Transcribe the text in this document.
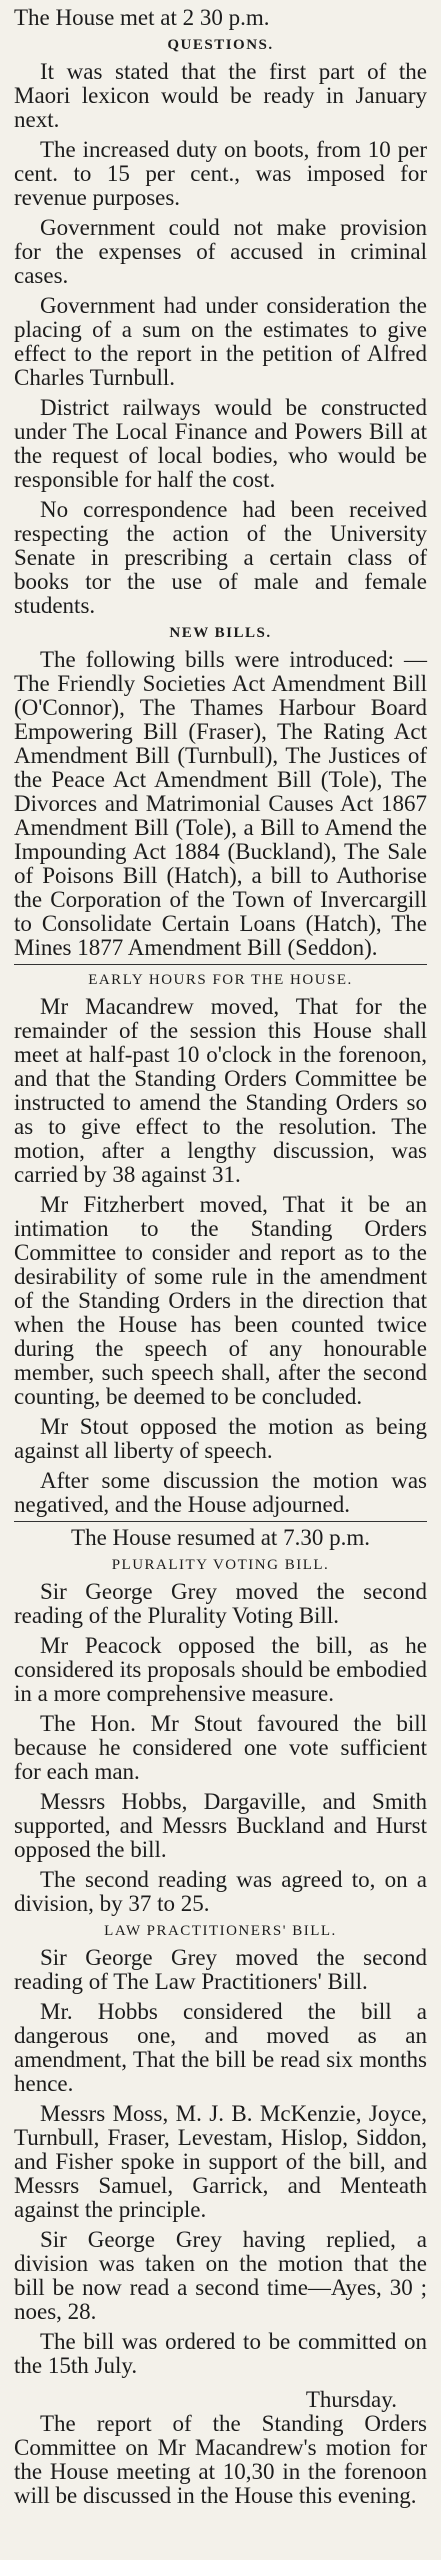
The House met at 2 30 p.m.

QUESTIONS.

It was stated that the first part of the Maori lexicon would be ready in January next.

The increased duty on boots, from 10 per cent. to 15 per cent., was imposed for revenue purposes.

Government could not make provision for the expenses of accused in criminal cases.

Government had under consideration the placing of a sum on the estimates to give effect to the report in the petition of Alfred Charles Turnbull.

District railways would be constructed under The Local Finance and Powers Bill at the request of local bodies, who would be responsible for half the cost.

No correspondence had been received respecting the action of the University Senate in prescribing a certain class of books tor the use of male and female students.

NEW BILLS.

The following bills were introduced: —The Friendly Societies Act Amendment Bill (O'Connor), The Thames Harbour Board Empowering Bill (Fraser), The Rating Act Amendment Bill (Turnbull), The Justices of the Peace Act Amendment Bill (Tole), The Divorces and Matrimonial Causes Act 1867 Amendment Bill (Tole), a Bill to Amend the Impounding Act 1884 (Buckland), The Sale of Poisons Bill (Hatch), a bill to Authorise the Corporation of the Town of Invercargill to Consolidate Certain Loans (Hatch), The Mines 1877 Amendment Bill (Seddon).

EARLY HOURS FOR THE HOUSE.

Mr Macandrew moved, That for the remainder of the session this House shall meet at half-past 10 o'clock in the forenoon, and that the Standing Orders Committee be instructed to amend the Standing Orders so as to give effect to the resolution. The motion, after a lengthy discussion, was carried by 38 against 31.

Mr Fitzherbert moved, That it be an intimation to the Standing Orders Committee to consider and report as to the desirability of some rule in the amendment of the Standing Orders in the direction that when the House has been counted twice during the speech of any honourable member, such speech shall, after the second counting, be deemed to be concluded.

Mr Stout opposed the motion as being against all liberty of speech.

After some discussion the motion was negatived, and the House adjourned.

The House resumed at 7.30 p.m.

PLURALITY VOTING BILL.

Sir George Grey moved the second reading of the Plurality Voting Bill.

Mr Peacock opposed the bill, as he considered its proposals should be embodied in a more comprehensive measure.

The Hon. Mr Stout favoured the bill because he considered one vote sufficient for each man.

Messrs Hobbs, Dargaville, and Smith supported, and Messrs Buckland and Hurst opposed the bill.

The second reading was agreed to, on a division, by 37 to 25.

LAW PRACTITIONERS' BILL.

Sir George Grey moved the second reading of The Law Practitioners' Bill.

Mr. Hobbs considered the bill a dangerous one, and moved as an amendment, That the bill be read six months hence.

Messrs Moss, M. J. B. McKenzie, Joyce, Turnbull, Fraser, Levestam, Hislop, Siddon, and Fisher spoke in support of the bill, and Messrs Samuel, Garrick, and Menteath against the principle.

Sir George Grey having replied, a division was taken on the motion that the bill be now read a second time—Ayes, 30 ; noes, 28.

The bill was ordered to be committed on the 15th July.

Thursday.

The report of the Standing Orders Committee on Mr Macandrew's motion for the House meeting at 10,30 in the forenoon will be discussed in the House this evening.
